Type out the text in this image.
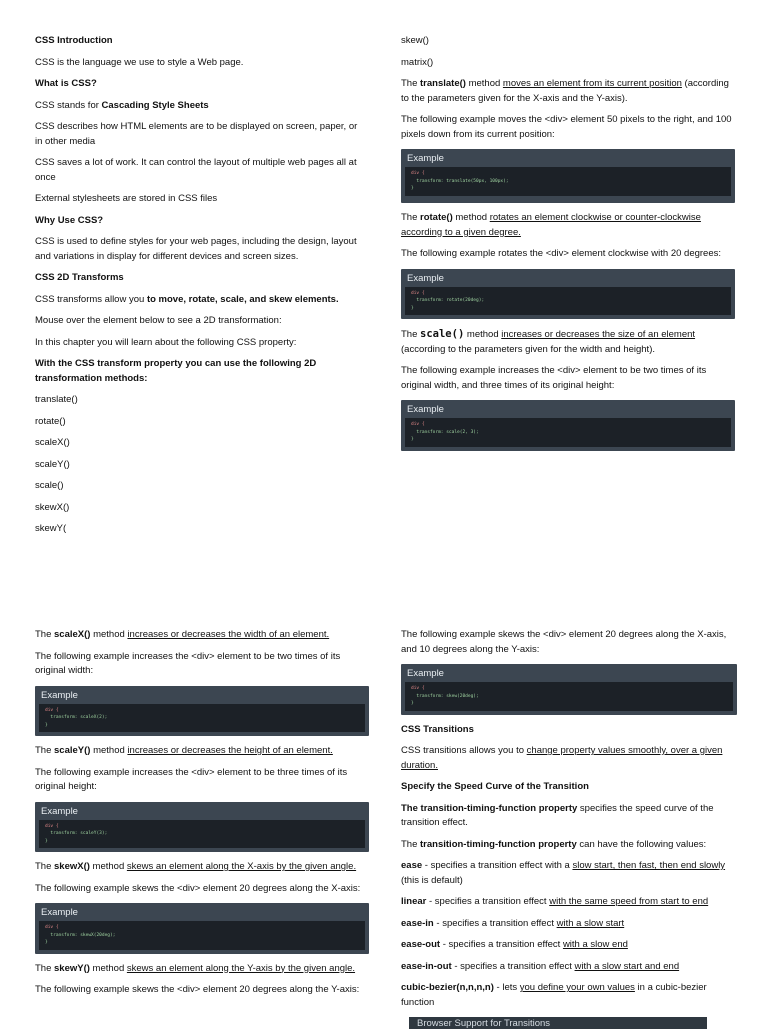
CSS Introduction

CSS is the language we use to style a Web page.

What is CSS?

CSS stands for Cascading Style Sheets

CSS describes how HTML elements are to be displayed on screen, paper, or in other media

CSS saves a lot of work. It can control the layout of multiple web pages all at once

External stylesheets are stored in CSS files

Why Use CSS?

CSS is used to define styles for your web pages, including the design, layout and variations in display for different devices and screen sizes.

CSS 2D Transforms

CSS transforms allow you to move, rotate, scale, and skew elements.

Mouse over the element below to see a 2D transformation:

In this chapter you will learn about the following CSS property:

With the CSS transform property you can use the following 2D transformation methods:

translate()

rotate()

scaleX()

scaleY()

scale()

skewX()

skewY(

skew()

matrix()

The translate() method moves an element from its current position (according to the parameters given for the X-axis and the Y-axis).

The following example moves the <div> element 50 pixels to the right, and 100 pixels down from its current position:

Example
div {
transform: translate(50px, 100px);
}

The rotate() method rotates an element clockwise or counter-clockwise according to a given degree.

The following example rotates the <div> element clockwise with 20 degrees:

Example
div {
transform: rotate(20deg);
}

The scale() method increases or decreases the size of an element (according to the parameters given for the width and height).

The following example increases the <div> element to be two times of its original width, and three times of its original height:

Example
div {
transform: scale(2, 3);
}

The scaleX() method increases or decreases the width of an element.

The following example increases the <div> element to be two times of its original width:

Example
div {
transform: scaleX(2);
}

The scaleY() method increases or decreases the height of an element.

The following example increases the <div> element to be three times of its original height:

Example
div {
transform: scaleY(3);
}

The skewX() method skews an element along the X-axis by the given angle.

The following example skews the <div> element 20 degrees along the X-axis:

Example
div {
transform: skewX(20deg);
}

The skewY() method skews an element along the Y-axis by the given angle.

The following example skews the <div> element 20 degrees along the Y-axis:

The following example skews the <div> element 20 degrees along the X-axis, and 10 degrees along the Y-axis:

Example
div {
transform: skew(20deg);
}

CSS Transitions

CSS transitions allows you to change property values smoothly, over a given duration.

Specify the Speed Curve of the Transition

The transition-timing-function property specifies the speed curve of the transition effect.

The transition-timing-function property can have the following values:

ease - specifies a transition effect with a slow start, then fast, then end slowly (this is default)

linear - specifies a transition effect with the same speed from start to end

ease-in - specifies a transition effect with a slow start

ease-out - specifies a transition effect with a slow end

ease-in-out - specifies a transition effect with a slow start and end

cubic-bezier(n,n,n,n) - lets you define your own values in a cubic-bezier function

Browser Support for Transitions
